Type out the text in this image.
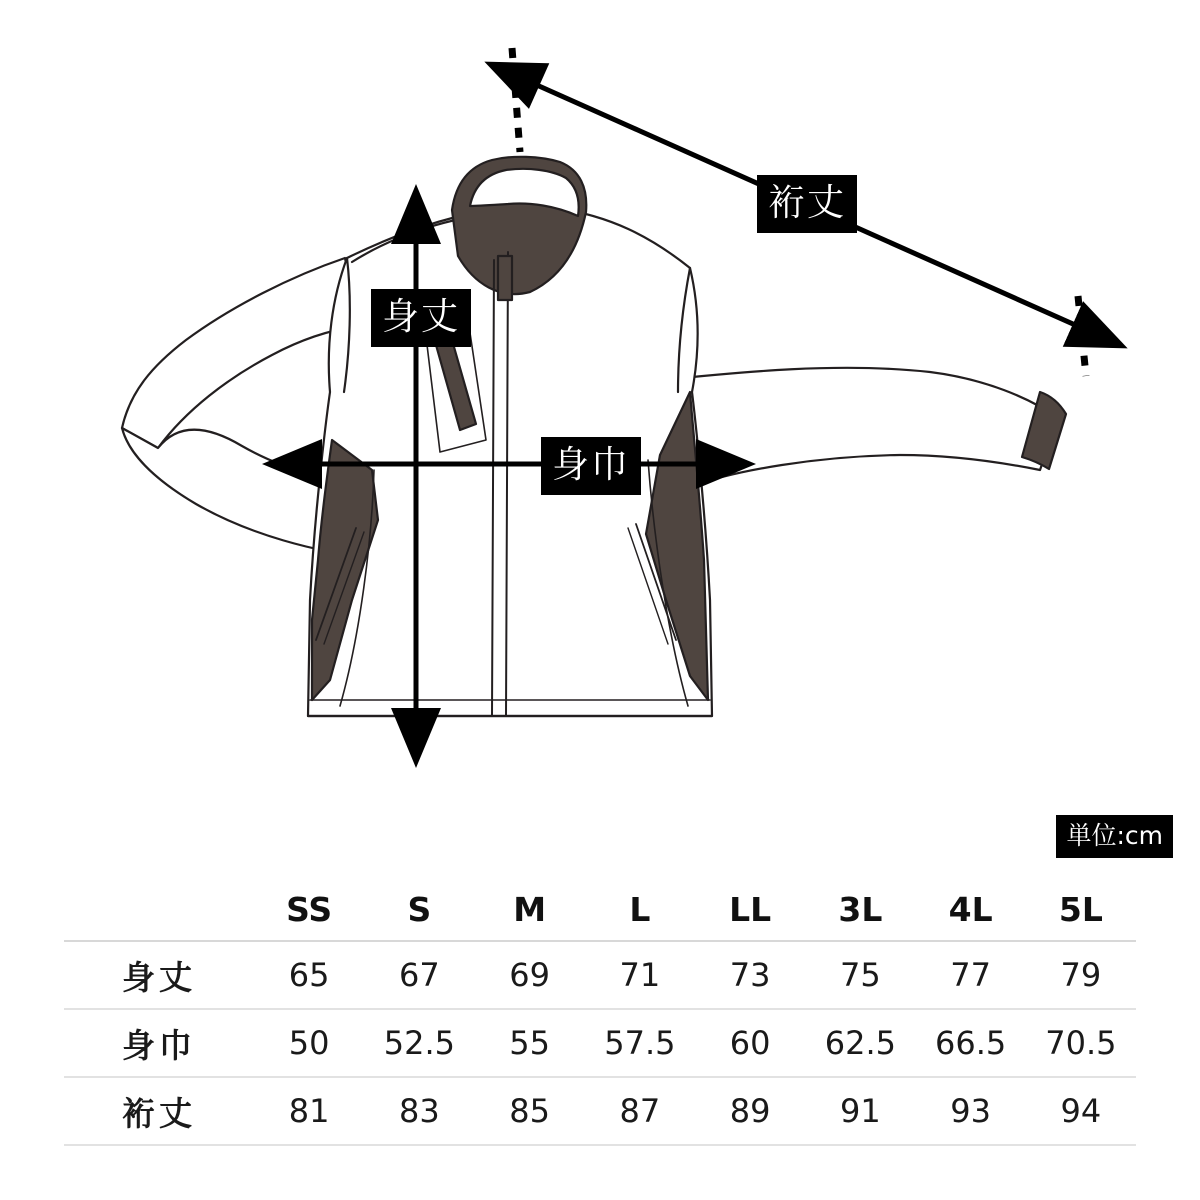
裄丈
身丈
身巾
単位:cm
	SS	S	M	L	LL	3L	4L	5L
身丈	65	67	69	71	73	75	77	79
身巾	50	52.5	55	57.5	60	62.5	66.5	70.5
裄丈	81	83	85	87	89	91	93	94
